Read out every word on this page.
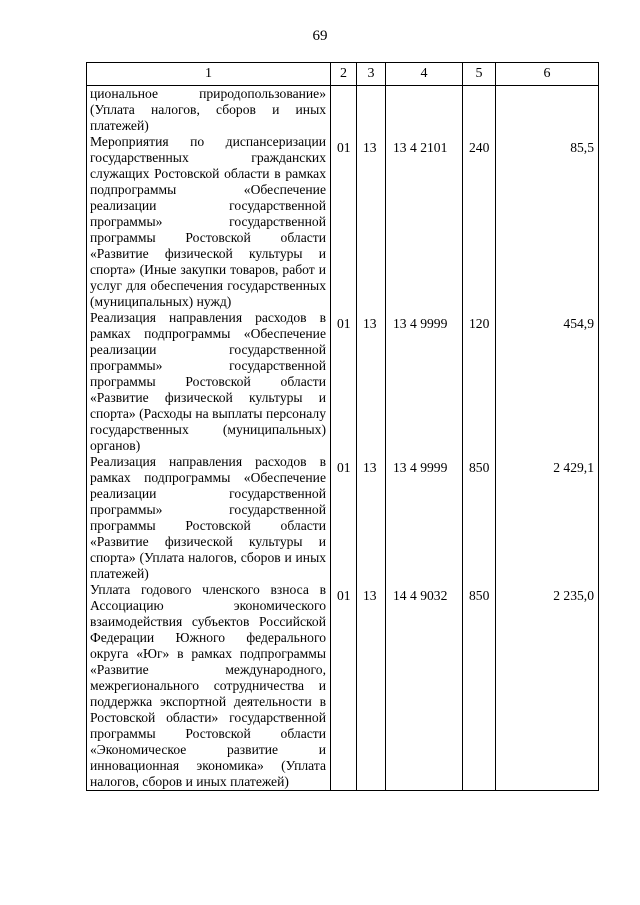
69
1	2	3	4	5	6
циональное природопользование» (Уплата налогов, сборов и иных платежей)					
Мероприятия по диспансеризации государственных гражданских служащих Ростовской области в рамках подпрограммы «Обеспечение реализации государственной программы» государственной программы Ростовской области «Развитие физической культуры и спорта» (Иные закупки товаров, работ и услуг для обеспечения государственных (муниципальных) нужд)	01	13	13 4 2101	240	85,5
Реализация направления расходов в рамках подпрограммы «Обеспечение реализации государственной программы» государственной программы Ростовской области «Развитие физической культуры и спорта» (Расходы на выплаты персоналу государственных (муниципальных) органов)	01	13	13 4 9999	120	454,9
Реализация направления расходов в рамках подпрограммы «Обеспечение реализации государственной программы» государственной программы Ростовской области «Развитие физической культуры и спорта» (Уплата налогов, сборов и иных платежей)	01	13	13 4 9999	850	2 429,1
Уплата годового членского взноса в Ассоциацию экономического взаимодействия субъектов Российской Федерации Южного федерального округа «Юг» в рамках подпрограммы «Развитие международного, межрегионального сотрудничества и поддержка экспортной деятельности в Ростовской области» государственной программы Ростовской области «Экономическое развитие и инновационная экономика» (Уплата налогов, сборов и иных платежей)	01	13	14 4 9032	850	2 235,0
